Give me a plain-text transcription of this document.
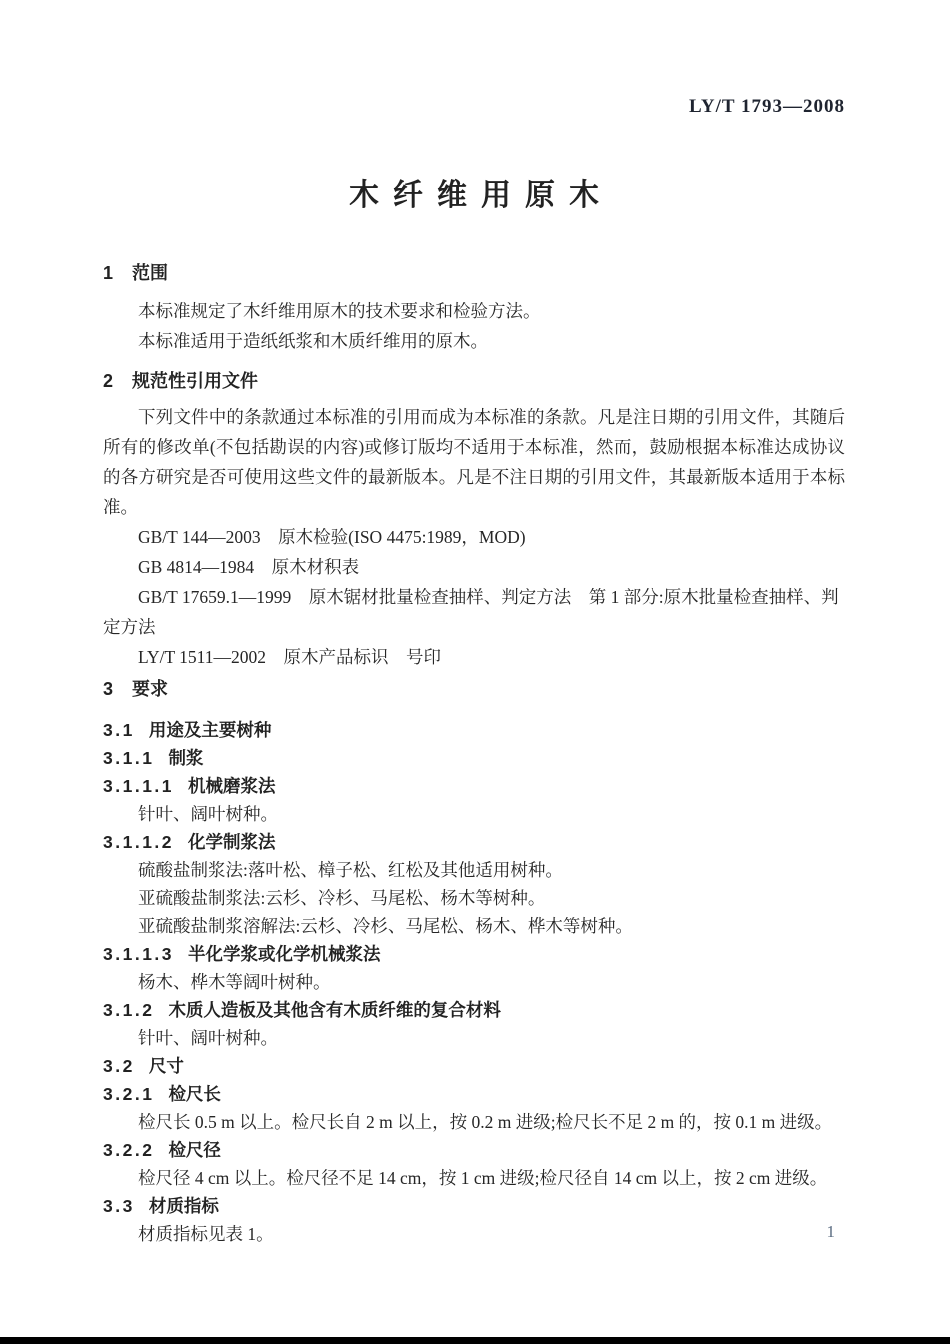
LY/T 1793—2008
木纤维用原木
1 范围

本标准规定了木纤维用原木的技术要求和检验方法。

本标准适用于造纸纸浆和木质纤维用的原木。

2 规范性引用文件

下列文件中的条款通过本标准的引用而成为本标准的条款。凡是注日期的引用文件，其随后所有的修改单(不包括勘误的内容)或修订版均不适用于本标准，然而，鼓励根据本标准达成协议的各方研究是否可使用这些文件的最新版本。凡是不注日期的引用文件，其最新版本适用于本标准。

GB/T 144—2003　原木检验(ISO 4475:1989，MOD)

GB 4814—1984　原木材积表

GB/T 17659.1—1999　原木锯材批量检查抽样、判定方法　第 1 部分:原木批量检查抽样、判定方法

LY/T 1511—2002　原木产品标识　号印

3 要求
3.1 用途及主要树种
3.1.1 制浆
3.1.1.1 机械磨浆法

针叶、阔叶树种。

3.1.1.2 化学制浆法

硫酸盐制浆法:落叶松、樟子松、红松及其他适用树种。

亚硫酸盐制浆法:云杉、冷杉、马尾松、杨木等树种。

亚硫酸盐制浆溶解法:云杉、冷杉、马尾松、杨木、桦木等树种。

3.1.1.3 半化学浆或化学机械浆法

杨木、桦木等阔叶树种。

3.1.2 木质人造板及其他含有木质纤维的复合材料

针叶、阔叶树种。

3.2 尺寸
3.2.1 检尺长

检尺长 0.5 m 以上。检尺长自 2 m 以上，按 0.2 m 进级;检尺长不足 2 m 的，按 0.1 m 进级。

3.2.2 检尺径

检尺径 4 cm 以上。检尺径不足 14 cm，按 1 cm 进级;检尺径自 14 cm 以上，按 2 cm 进级。

3.3 材质指标

材质指标见表 1。	1
